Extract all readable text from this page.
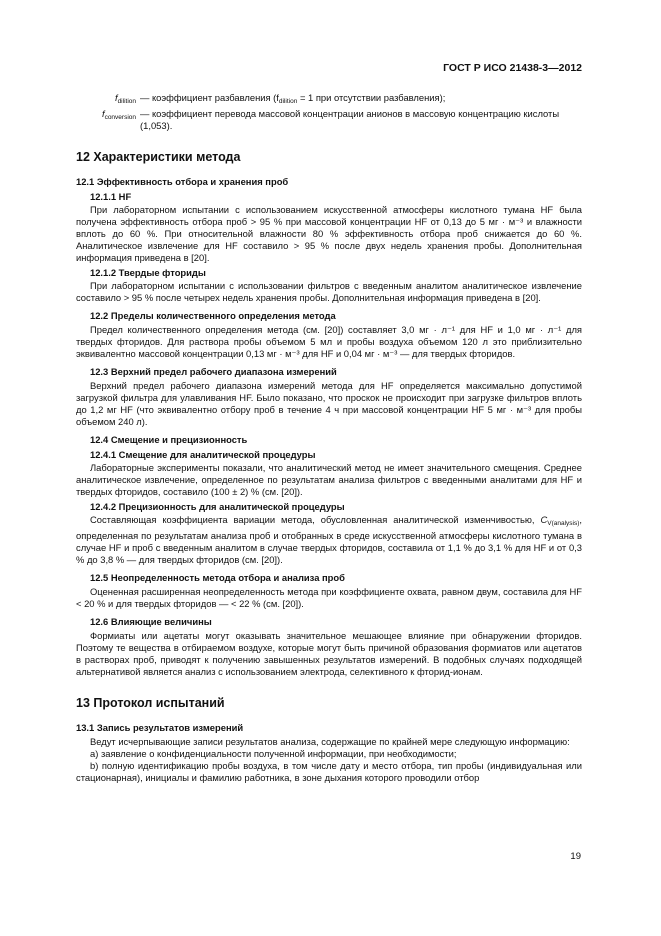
ГОСТ Р ИСО 21438-3—2012
$f_{dilition}$ — коэффициент разбавления ($f_{dilition} = 1$ при отсутствии разбавления);
$f_{conversion}$ — коэффициент перевода массовой концентрации анионов в массовую концентрацию кислоты (1,053).
12 Характеристики метода
12.1 Эффективность отбора и хранения проб
12.1.1 HF

При лабораторном испытании с использованием искусственной атмосферы кислотного тумана HF была получена эффективность отбора проб > 95 % при массовой концентрации HF от 0,13 до 5 мг · м⁻³ и влажности вплоть до 60 %. При относительной влажности 80 % эффективность отбора проб снижается до 60 %. Аналитическое извлечение для HF составило > 95 % после двух недель хранения пробы. Дополнительная информация приведена в [20].

12.1.2 Твердые фториды

При лабораторном испытании с использовании фильтров с введенным аналитом аналитическое извлечение составило > 95 % после четырех недель хранения пробы. Дополнительная информация приведена в [20].

12.2 Пределы количественного определения метода

Предел количественного определения метода (см. [20]) составляет 3,0 мг · л⁻¹ для HF и 1,0 мг · л⁻¹ для твердых фторидов. Для раствора пробы объемом 5 мл и пробы воздуха объемом 120 л это приблизительно эквивалентно массовой концентрации 0,13 мг · м⁻³ для HF и 0,04 мг · м⁻³ — для твердых фторидов.

12.3 Верхний предел рабочего диапазона измерений

Верхний предел рабочего диапазона измерений метода для HF определяется максимально допустимой загрузкой фильтра для улавливания HF. Было показано, что проскок не происходит при загрузке фильтров вплоть до 1,2 мг HF (что эквивалентно отбору проб в течение 4 ч при массовой концентрации HF 5 мг · м⁻³ для пробы объемом 240 л).

12.4 Смещение и прецизионность
12.4.1 Смещение для аналитической процедуры

Лабораторные эксперименты показали, что аналитический метод не имеет значительного смещения. Среднее аналитическое извлечение, определенное по результатам анализа фильтров с введенными аналитами для HF и твердых фторидов, составило (100 ± 2) % (см. [20]).

12.4.2 Прецизионность для аналитической процедуры

Составляющая коэффициента вариации метода, обусловленная аналитической изменчивостью, $C_{V(analysis)}$, определенная по результатам анализа проб и отобранных в среде искусственной атмосферы кислотного тумана в случае HF и проб с введенным аналитом в случае твердых фторидов, составила от 1,1 % до 3,1 % для HF и от 0,3 % до 3,8 % — для твердых фторидов (см. [20]).

12.5 Неопределенность метода отбора и анализа проб

Оцененная расширенная неопределенность метода при коэффициенте охвата, равном двум, составила для HF < 20 % и для твердых фторидов — < 22 % (см. [20]).

12.6 Влияющие величины

Формиаты или ацетаты могут оказывать значительное мешающее влияние при обнаружении фторидов. Поэтому те вещества в отбираемом воздухе, которые могут быть причиной образования формиатов или ацетатов в растворах проб, приводят к получению завышенных результатов измерений. В подобных случаях подходящей альтернативой является анализ с использованием электрода, селективного к фторид-ионам.

13 Протокол испытаний
13.1 Запись результатов измерений

Ведут исчерпывающие записи результатов анализа, содержащие по крайней мере следующую информацию:

a) заявление о конфиденциальности полученной информации, при необходимости;

b) полную идентификацию пробы воздуха, в том числе дату и место отбора, тип пробы (индивидуальная или стационарная), инициалы и фамилию работника, в зоне дыхания которого проводили отбор

19
